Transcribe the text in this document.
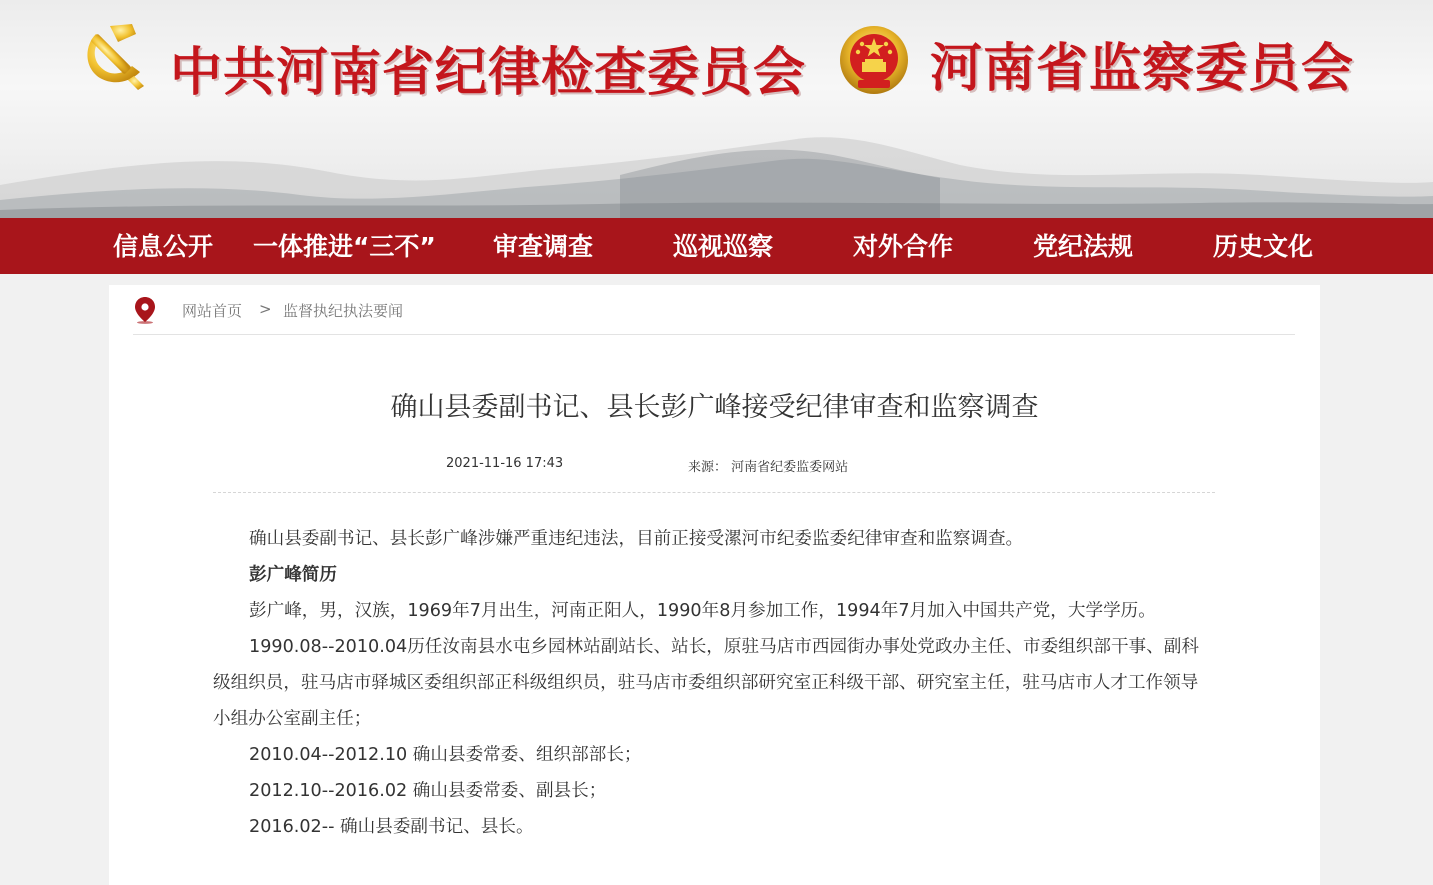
中共河南省纪律检查委员会 河南省监察委员会
信息公开 一体推进“三不” 审查调查	巡视巡察	对外合作	党纪法规	历史文化
网站首页 > 监督执纪执法要闻
确山县委副书记、县长彭广峰接受纪律审查和监察调查
2021-11-16 17:43	来源： 河南省纪委监委网站

确山县委副书记、县长彭广峰涉嫌严重违纪违法，目前正接受漯河市纪委监委纪律审查和监察调查。

彭广峰简历

彭广峰，男，汉族，1969年7月出生，河南正阳人，1990年8月参加工作，1994年7月加入中国共产党，大学学历。

1990.08--2010.04历任汝南县水屯乡园林站副站长、站长，原驻马店市西园街办事处党政办主任、市委组织部干事、副科级组织员，驻马店市驿城区委组织部正科级组织员，驻马店市委组织部研究室正科级干部、研究室主任，驻马店市人才工作领导小组办公室副主任；

2010.04--2012.10 确山县委常委、组织部部长；

2012.10--2016.02 确山县委常委、副县长；

2016.02-- 确山县委副书记、县长。
